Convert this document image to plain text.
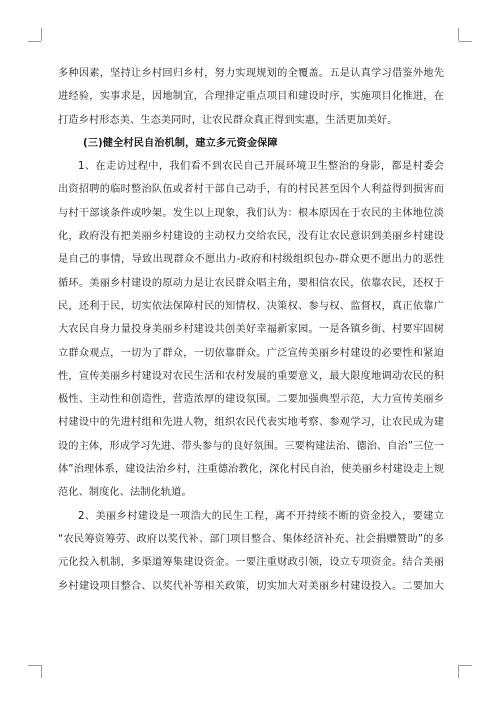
多种因素，坚持让乡村回归乡村，努力实现规划的全覆盖。五是认真学习借鉴外地先
进经验，实事求是，因地制宜，合理排定重点项目和建设时序，实施项目化推进，在
打造乡村形态美、生态美同时，让农民群众真正得到实惠，生活更加美好。
(三)健全村民自治机制，建立多元资金保障
1、在走访过程中，我们看不到农民自己开展环境卫生整治的身影，都是村委会
出资招聘的临时整治队伍或者村干部自己动手，有的村民甚至因个人利益得到损害而
与村干部谈条件或吵架。发生以上现象，我们认为：根本原因在于农民的主体地位淡
化，政府没有把美丽乡村建设的主动权力交给农民，没有让农民意识到美丽乡村建设
是自己的事情，导致出现群众不愿出力-政府和村级组织包办-群众更不愿出力的恶性
循环。美丽乡村建设的原动力是让农民群众唱主角，要相信农民，依靠农民，还权于
民，还利于民，切实依法保障村民的知情权、决策权、参与权、监督权，真正依靠广
大农民自身力量投身美丽乡村建设共创美好幸福新家园。一是各镇乡街、村要牢固树
立群众观点，一切为了群众，一切依靠群众。广泛宣传美丽乡村建设的必要性和紧迫
性，宣传美丽乡村建设对农民生活和农村发展的重要意义，最大限度地调动农民的积
极性、主动性和创造性，营造浓厚的建设氛围。二要加强典型示范，大力宣传美丽乡
村建设中的先进村组和先进人物，组织农民代表实地考察、参观学习，让农民成为建
设的主体，形成学习先进、带头参与的良好氛围。三要构建法治、德治、自治”三位一
体”治理体系，建设法治乡村，注重德治教化，深化村民自治，使美丽乡村建设走上规
范化、制度化、法制化轨道。
2、美丽乡村建设是一项浩大的民生工程，离不开持续不断的资金投入，要建立
“农民筹资筹劳、政府以奖代补、部门项目整合、集体经济补充、社会捐赠赞助”的多
元化投入机制，多渠道筹集建设资金。一要注重财政引领，设立专项资金。结合美丽
乡村建设项目整合、以奖代补等相关政策，切实加大对美丽乡村建设投入。二要加大
